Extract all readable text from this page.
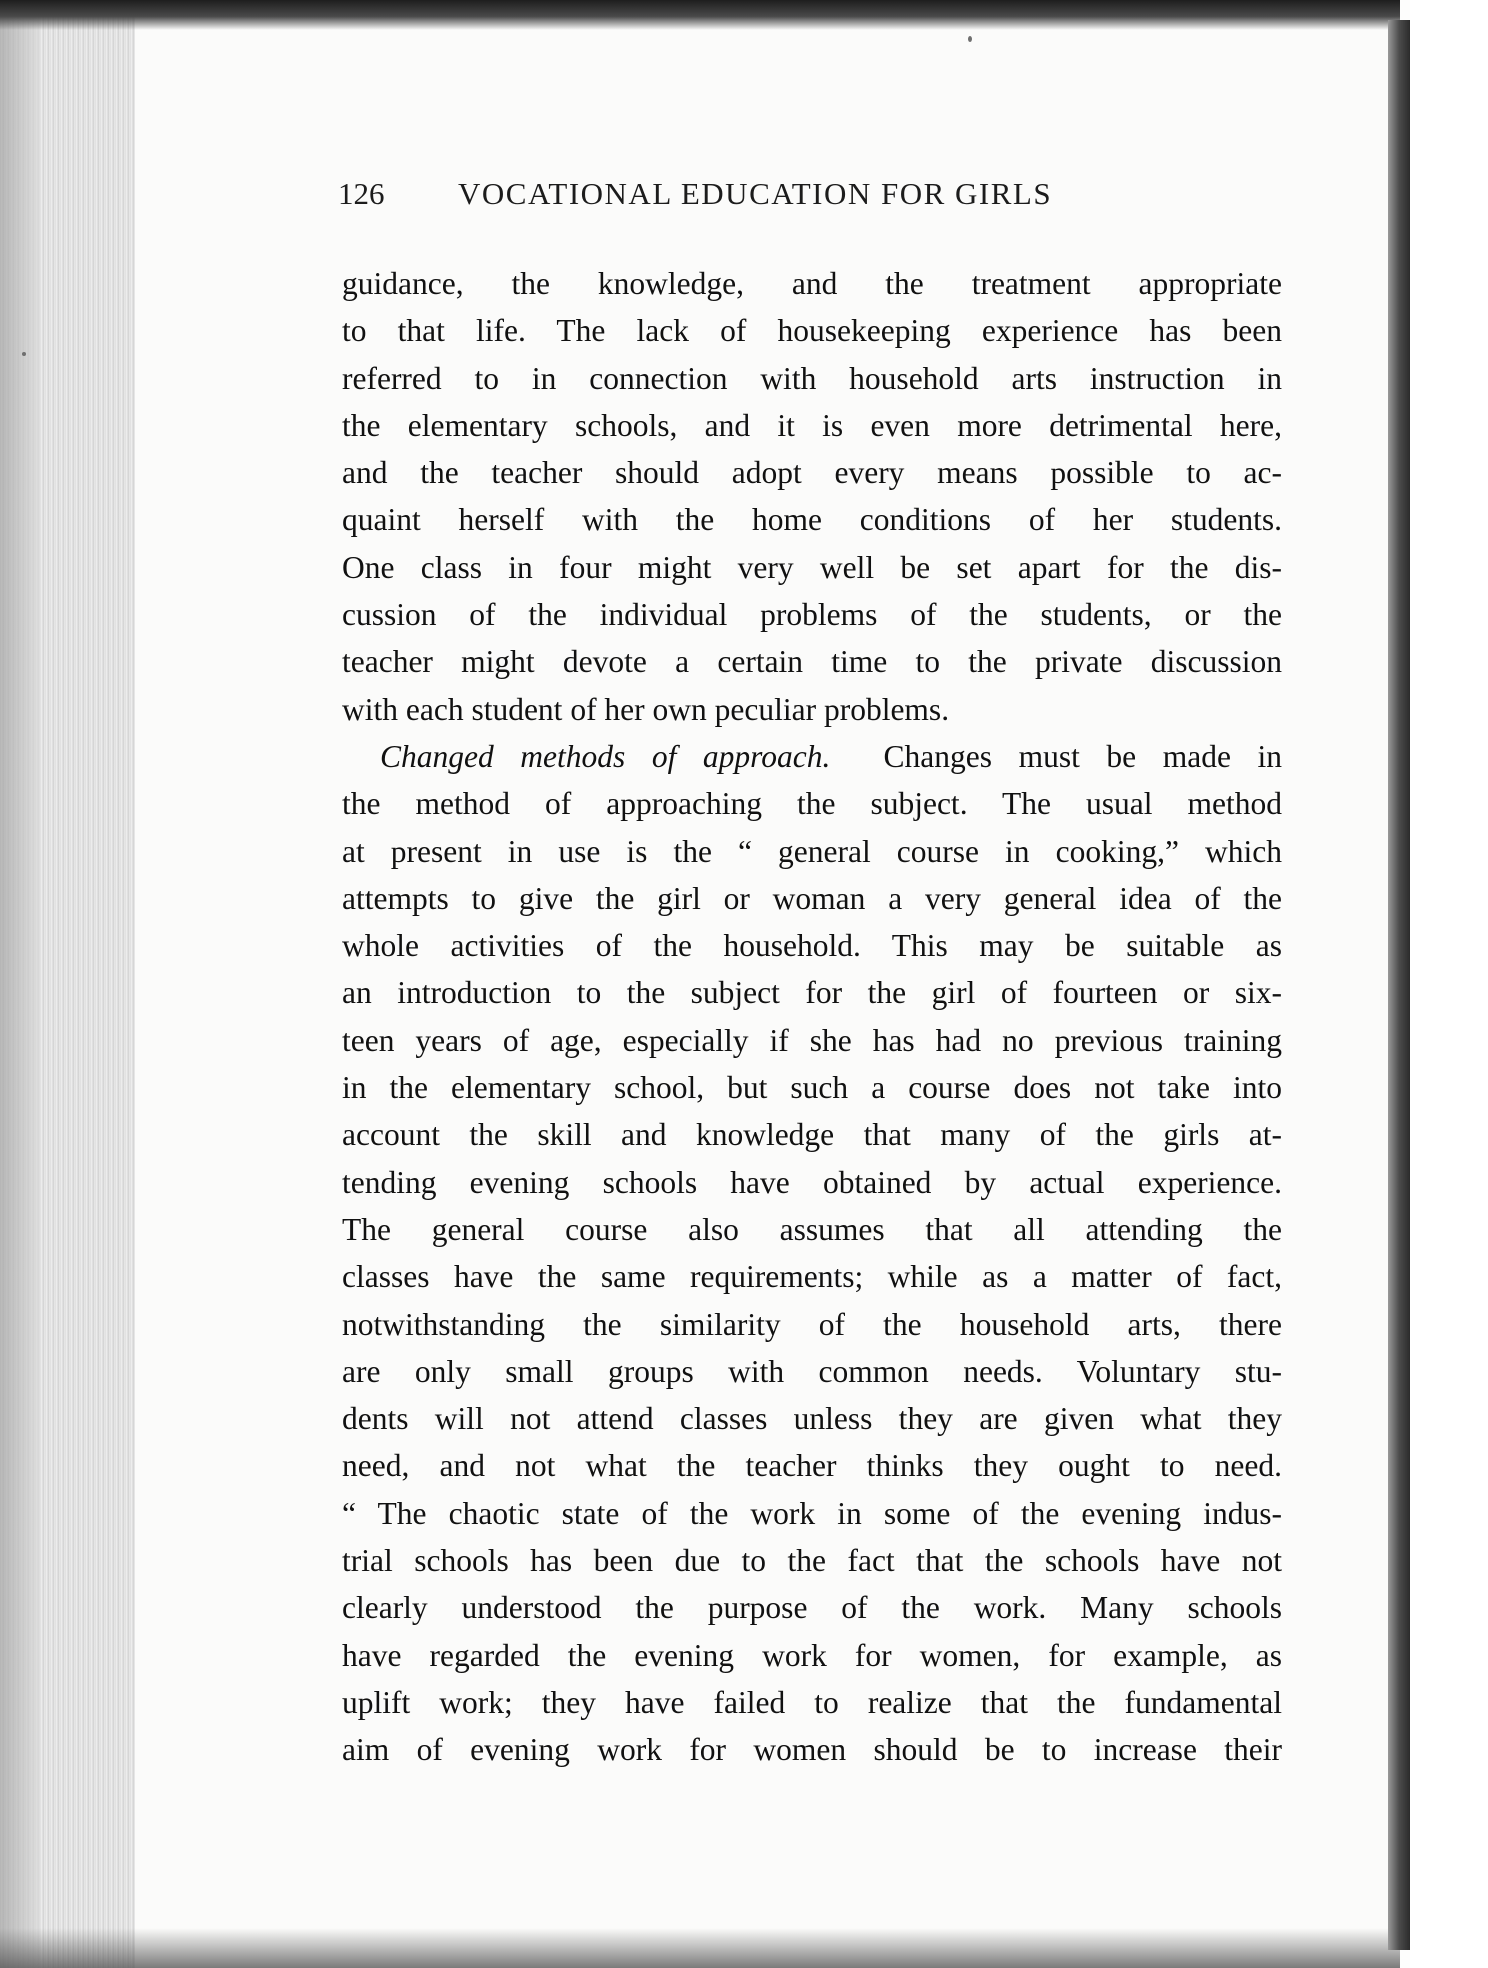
126 VOCATIONAL EDUCATION FOR GIRLS
guidance, the knowledge, and the treatment appropriate
to that life. The lack of housekeeping experience has been
referred to in connection with household arts instruction in
the elementary schools, and it is even more detrimental here,
and the teacher should adopt every means possible to ac-
quaint herself with the home conditions of her students.
One class in four might very well be set apart for the dis-
cussion of the individual problems of the students, or the
teacher might devote a certain time to the private discussion
with each student of her own peculiar problems.
Changed methods of approach. Changes must be made in
the method of approaching the subject. The usual method
at present in use is the “ general course in cooking,” which
attempts to give the girl or woman a very general idea of the
whole activities of the household. This may be suitable as
an introduction to the subject for the girl of fourteen or six-
teen years of age, especially if she has had no previous training
in the elementary school, but such a course does not take into
account the skill and knowledge that many of the girls at-
tending evening schools have obtained by actual experience.
The general course also assumes that all attending the
classes have the same requirements; while as a matter of fact,
notwithstanding the similarity of the household arts, there
are only small groups with common needs. Voluntary stu-
dents will not attend classes unless they are given what they
need, and not what the teacher thinks they ought to need.
“ The chaotic state of the work in some of the evening indus-
trial schools has been due to the fact that the schools have not
clearly understood the purpose of the work. Many schools
have regarded the evening work for women, for example, as
uplift work; they have failed to realize that the fundamental
aim of evening work for women should be to increase their
